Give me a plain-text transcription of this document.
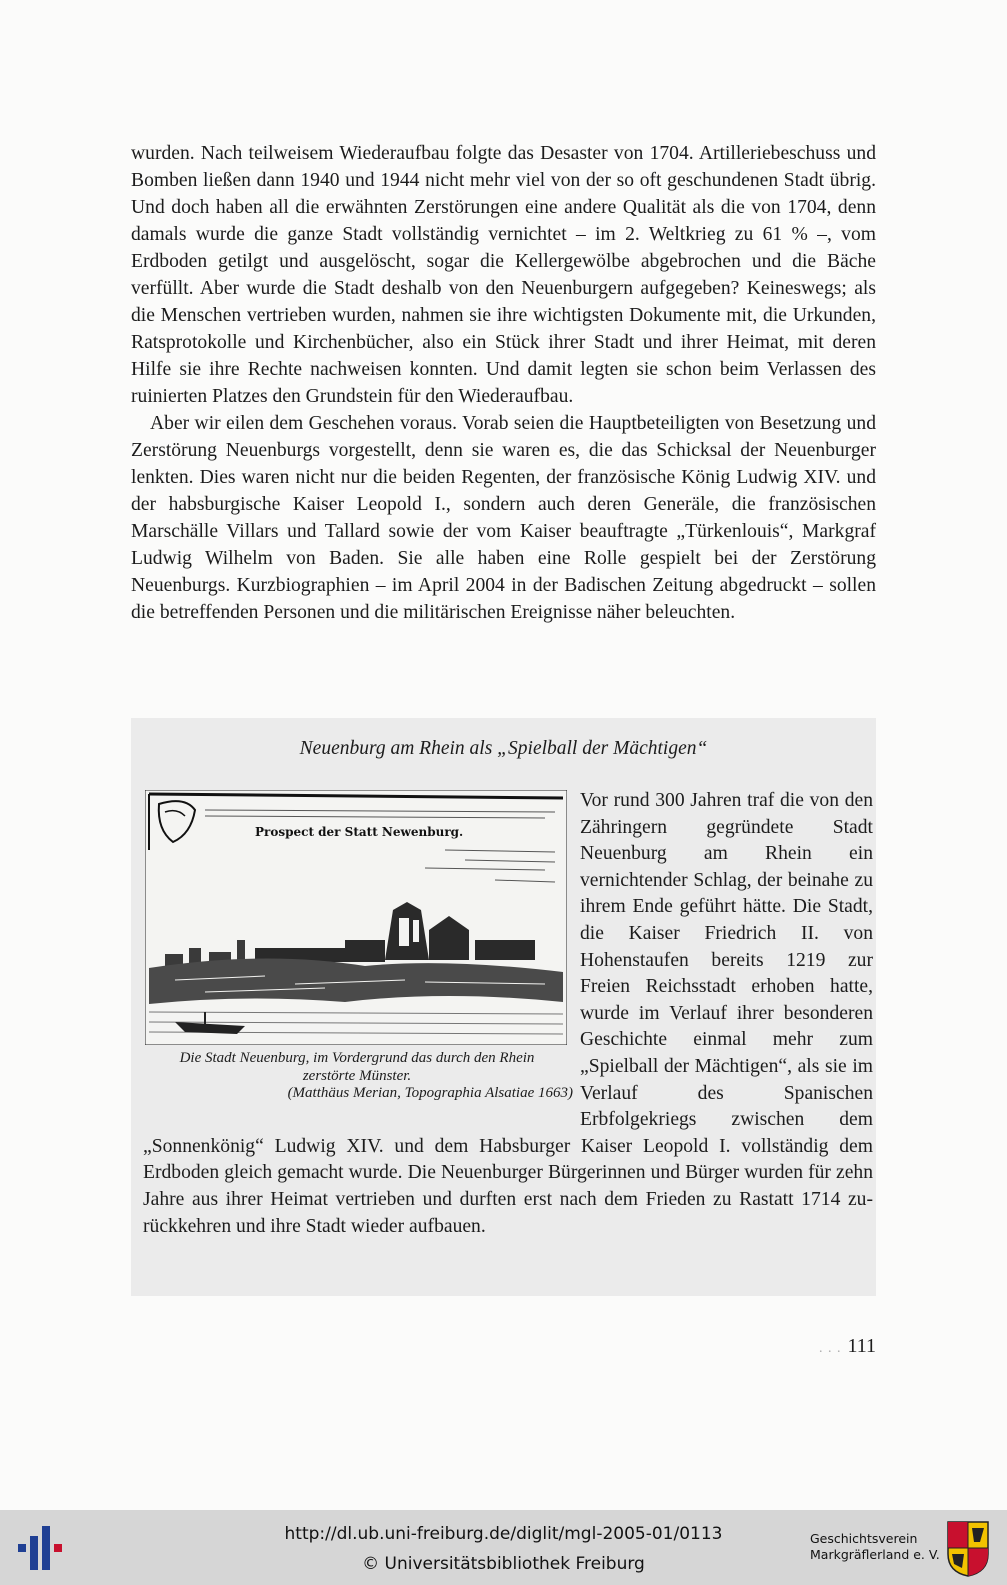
wurden. Nach teilweisem Wiederaufbau folgte das Desaster von 1704. Artilleriebeschuss und Bomben ließen dann 1940 und 1944 nicht mehr viel von der so oft geschundenen Stadt übrig. Und doch haben all die erwähnten Zerstörungen eine andere Qualität als die von 1704, denn damals wurde die ganze Stadt vollständig vernichtet – im 2. Weltkrieg zu 61 % –, vom Erdboden getilgt und ausgelöscht, sogar die Kellergewölbe abgebrochen und die Bäche verfüllt. Aber wurde die Stadt deshalb von den Neuenburgern aufgegeben? Keineswegs; als die Menschen vertrieben wurden, nahmen sie ihre wichtigsten Dokumente mit, die Urkunden, Ratsprotokolle und Kirchenbücher, also ein Stück ihrer Stadt und ihrer Heimat, mit deren Hilfe sie ihre Rechte nachweisen konnten. Und damit legten sie schon beim Verlassen des ruinierten Platzes den Grundstein für den Wiederaufbau.

Aber wir eilen dem Geschehen voraus. Vorab seien die Hauptbeteiligten von Besetzung und Zerstörung Neuenburgs vorgestellt, denn sie waren es, die das Schicksal der Neuenburger lenkten. Dies waren nicht nur die beiden Regenten, der französische König Ludwig XIV. und der habsburgische Kaiser Leopold I., sondern auch deren Generäle, die französischen Marschälle Villars und Tallard sowie der vom Kaiser beauftragte „Türkenlouis“, Markgraf Ludwig Wilhelm von Baden. Sie alle haben eine Rolle gespielt bei der Zerstörung Neuenburgs. Kurzbiographien – im April 2004 in der Badischen Zeitung abgedruckt – sollen die betreffenden Personen und die militärischen Ereignisse näher beleuchten.

Neuenburg am Rhein als „Spielball der Mächtigen“

Vor rund 300 Jahren traf die von den Zähringern gegründete Stadt Neuenburg am Rhein ein vernichtender Schlag, der beinahe zu ihrem Ende geführt hätte. Die Stadt, die Kaiser Friedrich II. von Hohenstaufen bereits 1219 zur Freien Reichsstadt erhoben hatte, wurde im Verlauf ihrer besonderen Geschichte einmal mehr zum „Spielball der Mächtigen“, als sie im Verlauf des Spanischen Erbfolgekriegs zwischen dem „Sonnenkönig“ Ludwig XIV. und dem Habsburger Kaiser Leopold I. vollständig dem Erdboden gleich gemacht wurde. Die Neuenburger Bürgerinnen und Bürger wurden für zehn Jahre aus ihrer Heimat vertrieben und durften erst nach dem Frieden zu Rastatt 1714 zurückkehren und ihre Stadt wieder aufbauen.

Prospect der Statt Newenburg.
Die Stadt Neuenburg, im Vordergrund das durch den Rhein
zerstörte Münster.
(Matthäus Merian, Topographia Alsatiae 1663)
. . . 111
http://dl.ub.uni-freiburg.de/diglit/mgl-2005-01/0113
© Universitätsbibliothek Freiburg
Geschichtsverein
Markgräflerland e. V.
